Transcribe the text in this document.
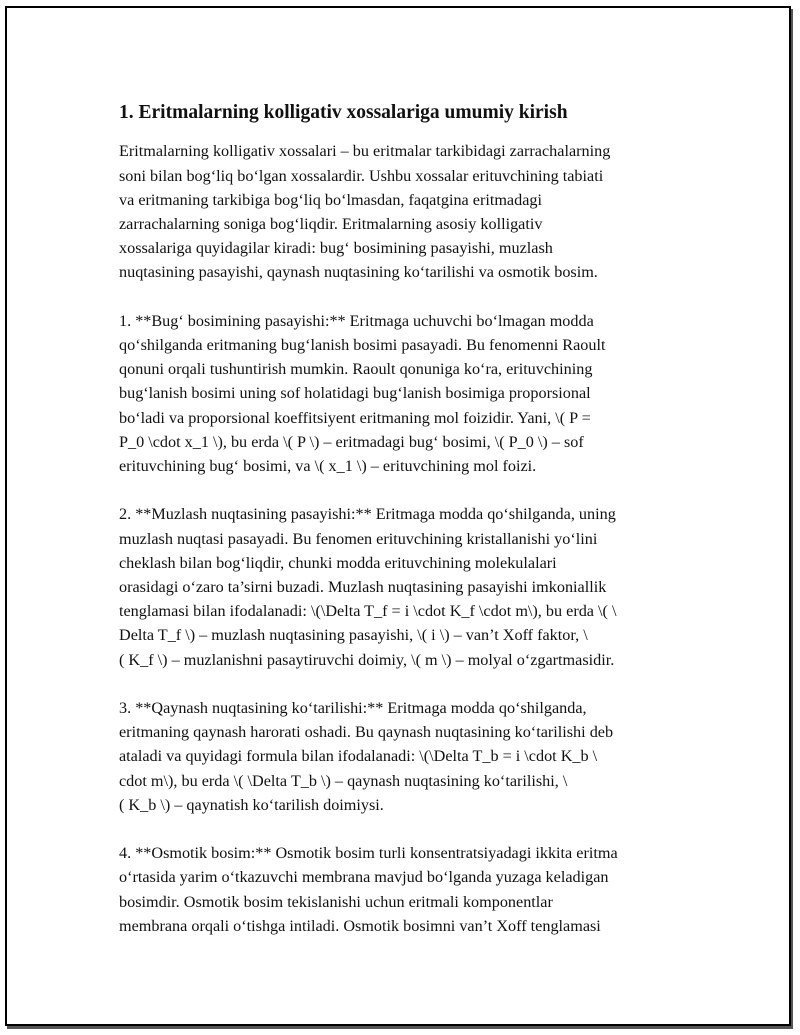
1. Eritmalarning kolligativ xossalariga umumiy kirish

Eritmalarning kolligativ xossalari – bu eritmalar tarkibidagi zarrachalarning
soni bilan bog‘liq bo‘lgan xossalardir. Ushbu xossalar erituvchining tabiati
va eritmaning tarkibiga bog‘liq bo‘lmasdan, faqatgina eritmadagi
zarrachalarning soniga bog‘liqdir. Eritmalarning asosiy kolligativ
xossalariga quyidagilar kiradi: bug‘ bosimining pasayishi, muzlash
nuqtasining pasayishi, qaynash nuqtasining ko‘tarilishi va osmotik bosim.

1. **Bug‘ bosimining pasayishi:** Eritmaga uchuvchi bo‘lmagan modda
qo‘shilganda eritmaning bug‘lanish bosimi pasayadi. Bu fenomenni Raoult
qonuni orqali tushuntirish mumkin. Raoult qonuniga ko‘ra, erituvchining
bug‘lanish bosimi uning sof holatidagi bug‘lanish bosimiga proporsional
bo‘ladi va proporsional koeffitsiyent eritmaning mol foizidir. Yani, \( P =
P_0 \cdot x_1 \), bu erda \( P \) – eritmadagi bug‘ bosimi, \( P_0 \) – sof
erituvchining bug‘ bosimi, va \( x_1 \) – erituvchining mol foizi.

2. **Muzlash nuqtasining pasayishi:** Eritmaga modda qo‘shilganda, uning
muzlash nuqtasi pasayadi. Bu fenomen erituvchining kristallanishi yo‘lini
cheklash bilan bog‘liqdir, chunki modda erituvchining molekulalari
orasidagi o‘zaro ta’sirni buzadi. Muzlash nuqtasining pasayishi imkoniallik
tenglamasi bilan ifodalanadi: \(\Delta T_f = i \cdot K_f \cdot m\), bu erda \( \
Delta T_f \) – muzlash nuqtasining pasayishi, \( i \) – van’t Xoff faktor, \
( K_f \) – muzlanishni pasaytiruvchi doimiy, \( m \) – molyal o‘zgartmasidir.

3. **Qaynash nuqtasining ko‘tarilishi:** Eritmaga modda qo‘shilganda,
eritmaning qaynash harorati oshadi. Bu qaynash nuqtasining ko‘tarilishi deb
ataladi va quyidagi formula bilan ifodalanadi: \(\Delta T_b = i \cdot K_b \
cdot m\), bu erda \( \Delta T_b \) – qaynash nuqtasining ko‘tarilishi, \
( K_b \) – qaynatish ko‘tarilish doimiysi.

4. **Osmotik bosim:** Osmotik bosim turli konsentratsiyadagi ikkita eritma
o‘rtasida yarim o‘tkazuvchi membrana mavjud bo‘lganda yuzaga keladigan
bosimdir. Osmotik bosim tekislanishi uchun eritmali komponentlar
membrana orqali o‘tishga intiladi. Osmotik bosimni van’t Xoff tenglamasi
